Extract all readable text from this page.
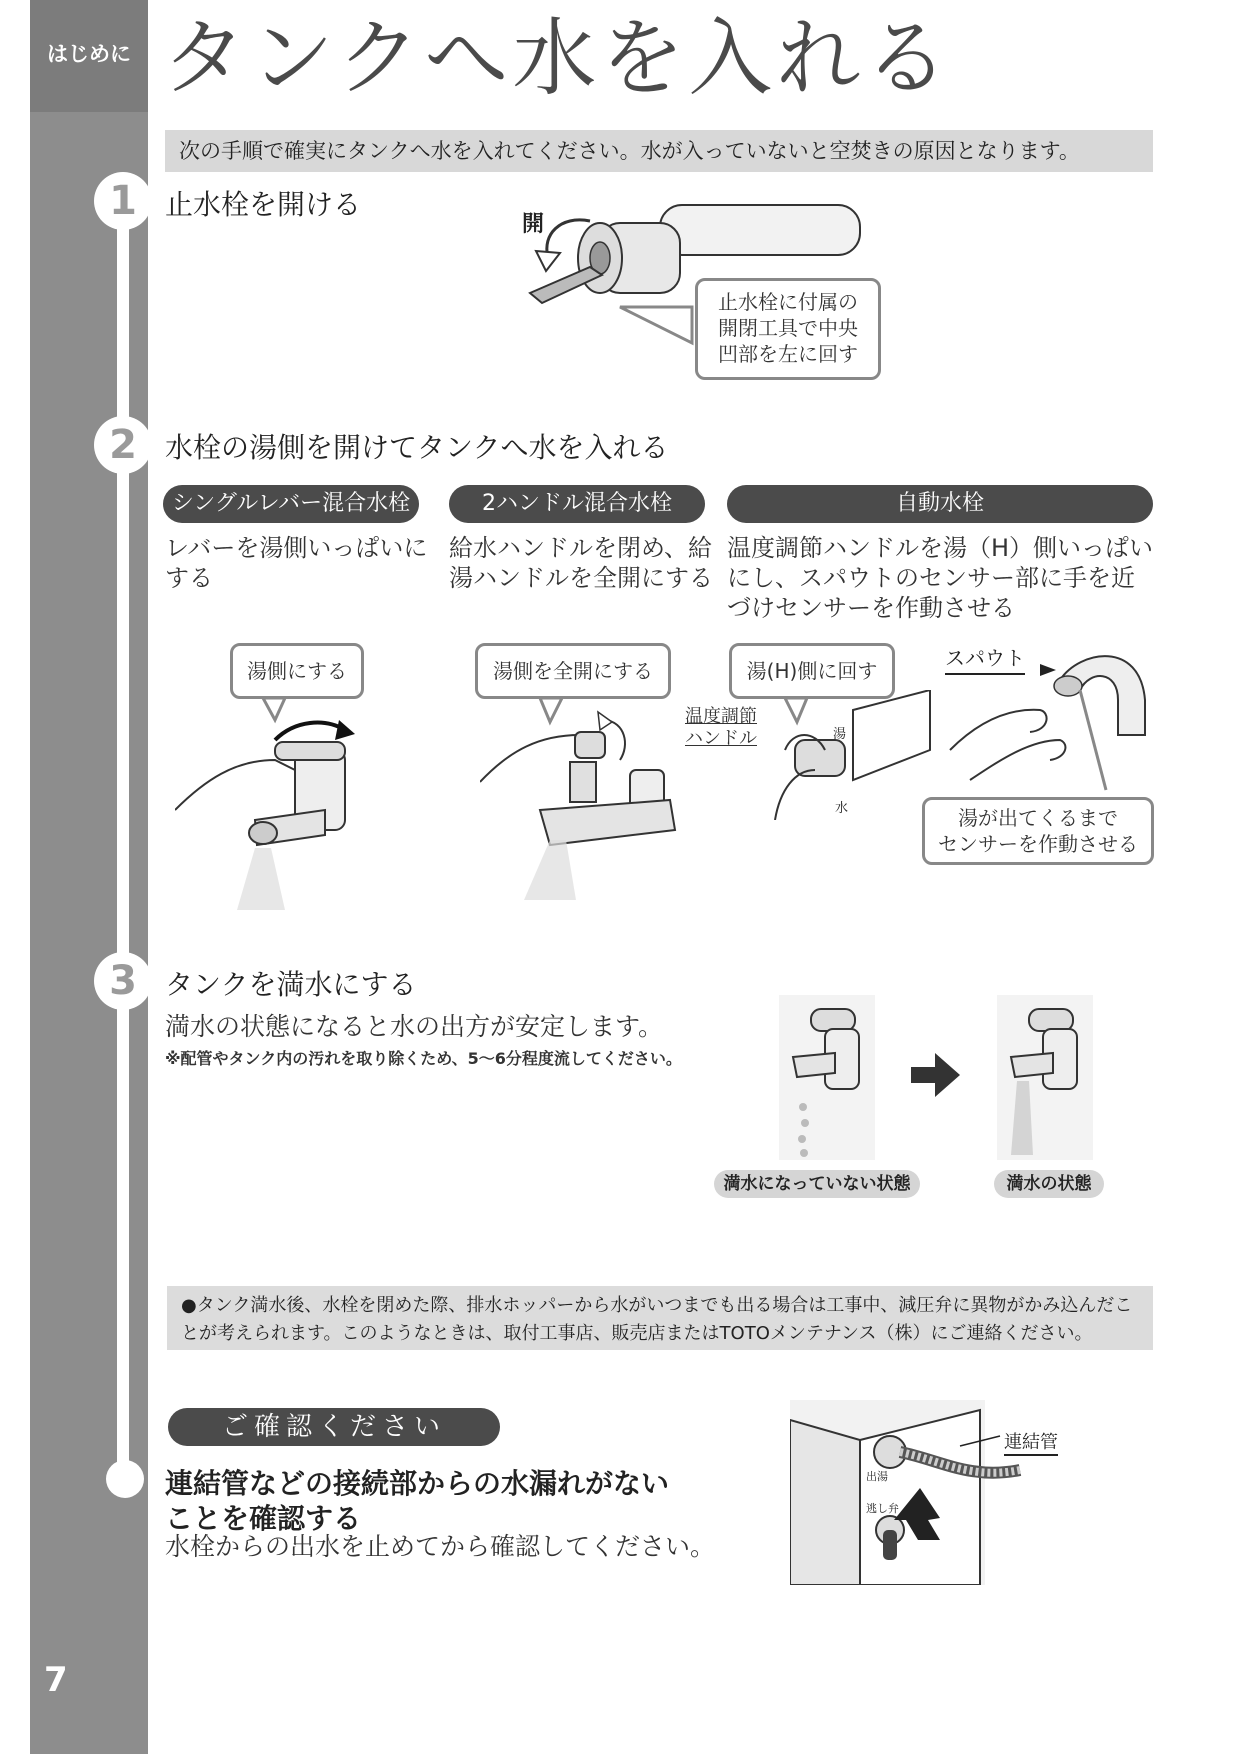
はじめに
7
タンクへ水を入れる
次の手順で確実にタンクへ水を入れてください。水が入っていないと空焚きの原因となります。
1	止水栓を開ける
開
止水栓に付属の
開閉工具で中央
凹部を左に回す
2	水栓の湯側を開けてタンクへ水を入れる
シングルレバー混合水栓	2ハンドル混合水栓	自動水栓
レバーを湯側いっぱいにする
給水ハンドルを閉め、給湯ハンドルを全開にする
温度調節ハンドルを湯（H）側いっぱいにし、スパウトのセンサー部に手を近づけセンサーを作動させる
湯側にする	湯側を全開にする	湯(H)側に回す
湯
水
温度調節
ハンドル
スパウト
湯が出てくるまで
センサーを作動させる
3	タンクを満水にする
満水の状態になると水の出方が安定します。
※配管やタンク内の汚れを取り除くため、5～6分程度流してください。
満水になっていない状態	満水の状態
●タンク満水後、水栓を閉めた際、排水ホッパーから水がいつまでも出る場合は工事中、減圧弁に異物がかみ込んだことが考えられます。このようなときは、取付工事店、販売店またはTOTOメンテナンス（株）にご連絡ください。
ご確認ください
連結管などの接続部からの水漏れがない
ことを確認する
水栓からの出水を止めてから確認してください。
出湯
逃し弁
連結管
